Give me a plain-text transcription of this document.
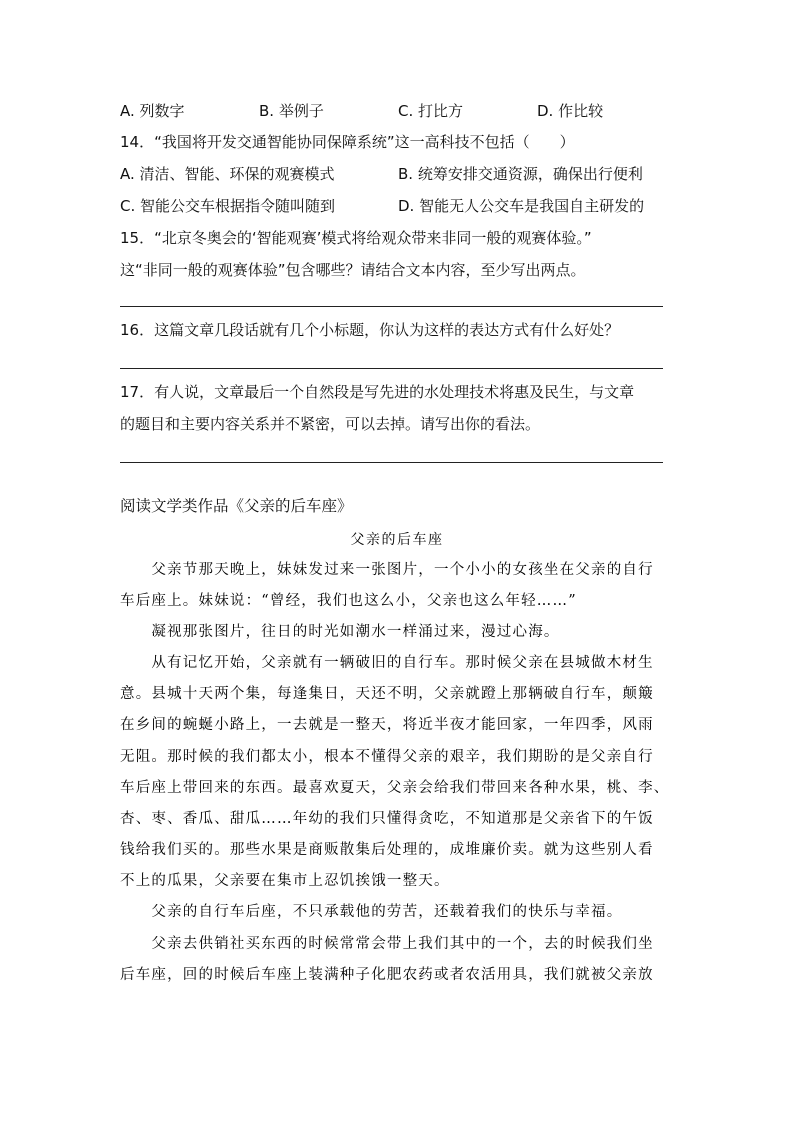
A. 列数字	B. 举例子	C. 打比方	D. 作比较
14．“我国将开发交通智能协同保障系统”这一高科技不包括（　　）
A. 清洁、智能、环保的观赛模式	B. 统筹安排交通资源，确保出行便利
C. 智能公交车根据指令随叫随到	D. 智能无人公交车是我国自主研发的
15．“北京冬奥会的‘智能观赛’模式将给观众带来非同一般的观赛体验。”
这“非同一般的观赛体验”包含哪些？请结合文本内容，至少写出两点。
16．这篇文章几段话就有几个小标题，你认为这样的表达方式有什么好处？
17．有人说，文章最后一个自然段是写先进的水处理技术将惠及民生，与文章
的题目和主要内容关系并不紧密，可以去掉。请写出你的看法。
阅读文学类作品《父亲的后车座》
父亲的后车座
　　父亲节那天晚上，妹妹发过来一张图片，一个小小的女孩坐在父亲的自行
车后座上。妹妹说：“曾经，我们也这么小，父亲也这么年轻……”
　　凝视那张图片，往日的时光如潮水一样涌过来，漫过心海。
　　从有记忆开始，父亲就有一辆破旧的自行车。那时候父亲在县城做木材生
意。县城十天两个集，每逢集日，天还不明，父亲就蹬上那辆破自行车，颠簸
在乡间的蜿蜒小路上，一去就是一整天，将近半夜才能回家，一年四季，风雨
无阻。那时候的我们都太小，根本不懂得父亲的艰辛，我们期盼的是父亲自行
车后座上带回来的东西。最喜欢夏天，父亲会给我们带回来各种水果，桃、李、
杏、枣、香瓜、甜瓜……年幼的我们只懂得贪吃，不知道那是父亲省下的午饭
钱给我们买的。那些水果是商贩散集后处理的，成堆廉价卖。就为这些别人看
不上的瓜果，父亲要在集市上忍饥挨饿一整天。
　　父亲的自行车后座，不只承载他的劳苦，还载着我们的快乐与幸福。
　　父亲去供销社买东西的时候常常会带上我们其中的一个，去的时候我们坐
后车座，回的时候后车座上装满种子化肥农药或者农活用具，我们就被父亲放
